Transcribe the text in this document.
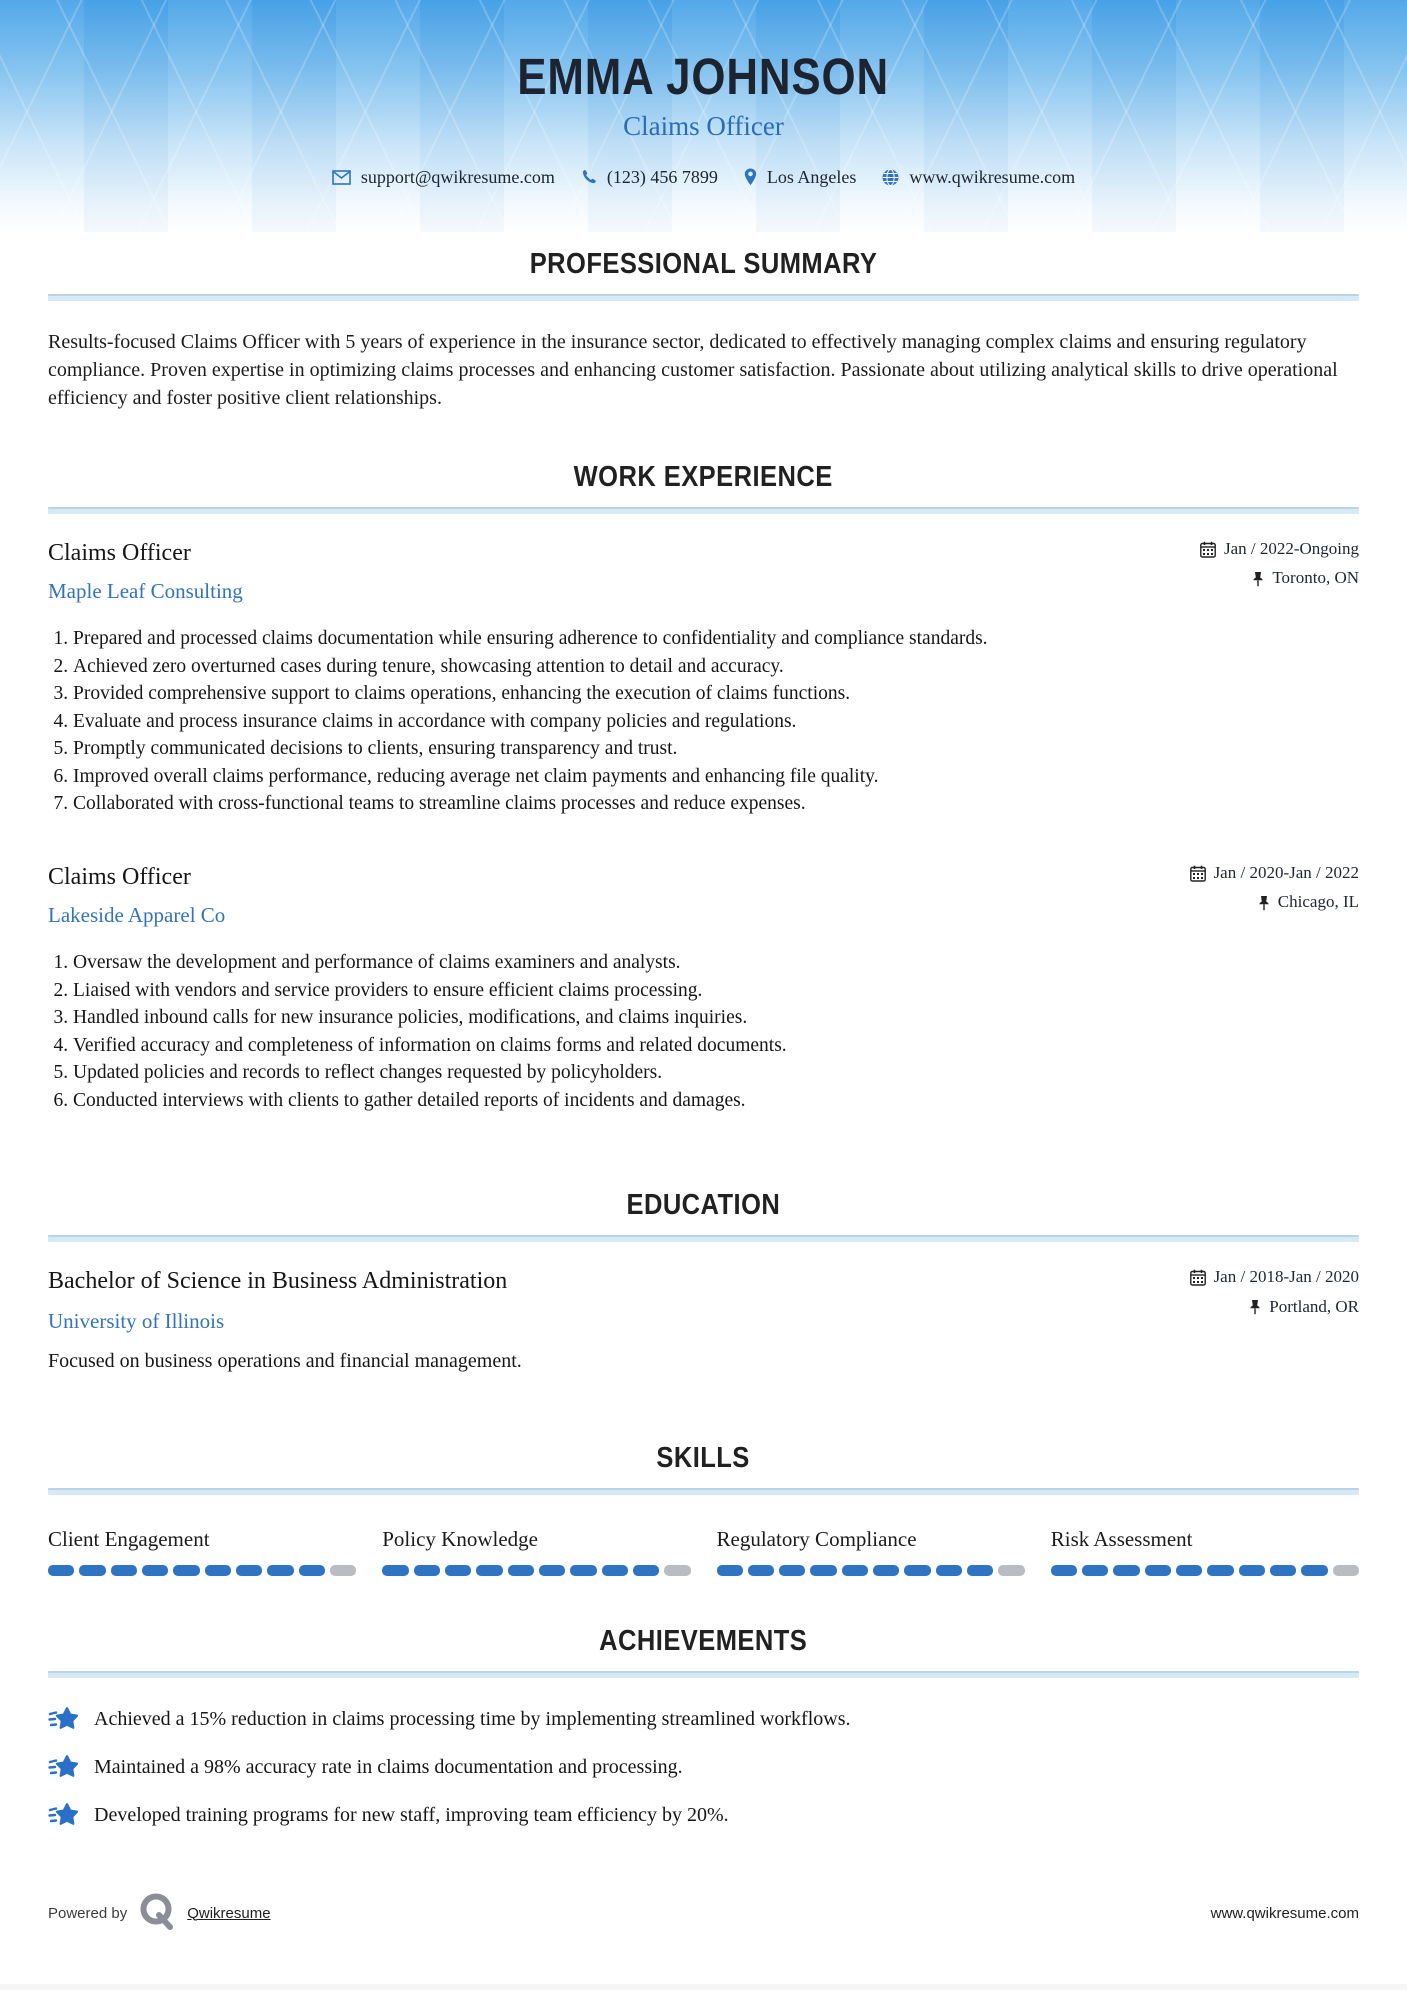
EMMA JOHNSON
Claims Officer
support@qwikresume.com	(123) 456 7899	Los Angeles	www.qwikresume.com
PROFESSIONAL SUMMARY

Results-focused Claims Officer with 5 years of experience in the insurance sector, dedicated to effectively managing complex claims and ensuring regulatory compliance. Proven expertise in optimizing claims processes and enhancing customer satisfaction. Passionate about utilizing analytical skills to drive operational efficiency and foster positive client relationships.

WORK EXPERIENCE
Claims Officer
Maple Leaf Consulting
Jan / 2022-Ongoing
Toronto, ON
1. Prepared and processed claims documentation while ensuring adherence to confidentiality and compliance standards.
2. Achieved zero overturned cases during tenure, showcasing attention to detail and accuracy.
3. Provided comprehensive support to claims operations, enhancing the execution of claims functions.
4. Evaluate and process insurance claims in accordance with company policies and regulations.
5. Promptly communicated decisions to clients, ensuring transparency and trust.
6. Improved overall claims performance, reducing average net claim payments and enhancing file quality.
7. Collaborated with cross-functional teams to streamline claims processes and reduce expenses.
Claims Officer
Lakeside Apparel Co
Jan / 2020-Jan / 2022
Chicago, IL
1. Oversaw the development and performance of claims examiners and analysts.
2. Liaised with vendors and service providers to ensure efficient claims processing.
3. Handled inbound calls for new insurance policies, modifications, and claims inquiries.
4. Verified accuracy and completeness of information on claims forms and related documents.
5. Updated policies and records to reflect changes requested by policyholders.
6. Conducted interviews with clients to gather detailed reports of incidents and damages.
EDUCATION
Bachelor of Science in Business Administration
University of Illinois
Jan / 2018-Jan / 2020
Portland, OR
Focused on business operations and financial management.
SKILLS
Client Engagement	Policy Knowledge	Regulatory Compliance	Risk Assessment
ACHIEVEMENTS
Achieved a 15% reduction in claims processing time by implementing streamlined workflows.
Maintained a 98% accuracy rate in claims documentation and processing.
Developed training programs for new staff, improving team efficiency by 20%.
Powered by	Qwikresume	www.qwikresume.com
